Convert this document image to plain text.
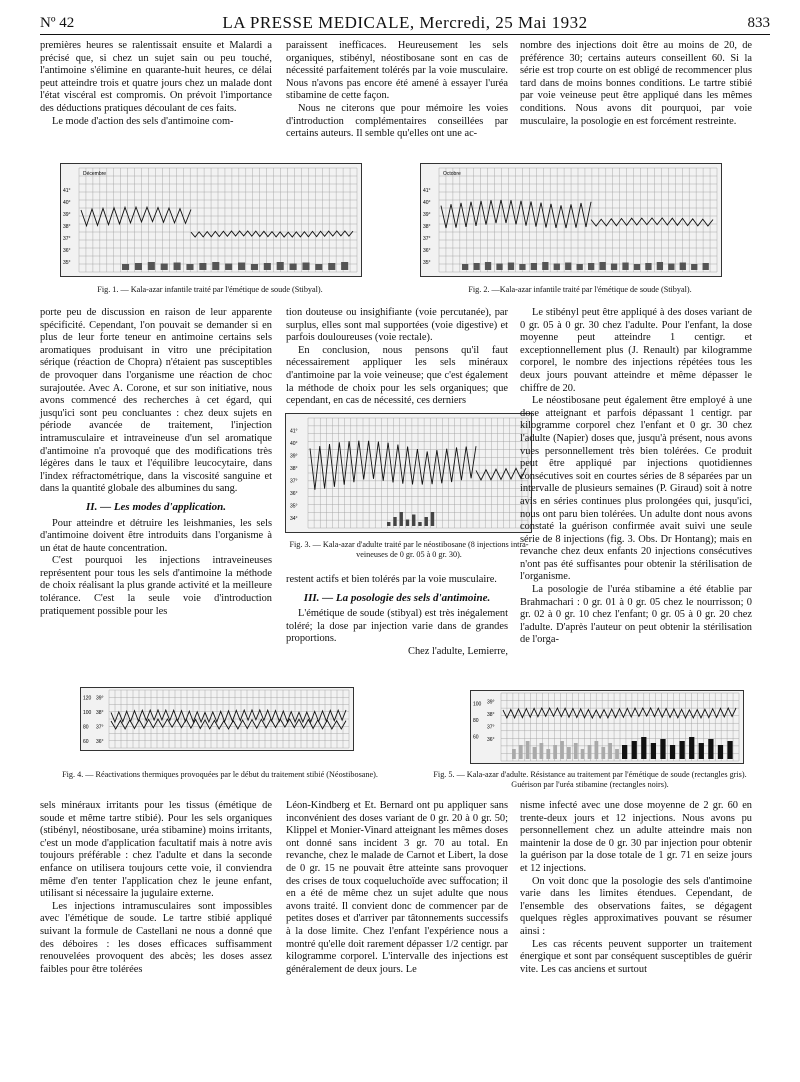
Nº 42	LA PRESSE MEDICALE, Mercredi, 25 Mai 1932	833

premières heures se ralentissait ensuite et Malardi a précisé que, si chez un sujet sain ou peu touché, l'antimoine s'élimine en quarante-huit heures, ce délai peut atteindre trois et quatre jours chez un malade dont l'état viscéral est compromis. On prévoit l'importance des déductions pratiques découlant de ces faits.

Le mode d'action des sels d'antimoine com-

paraissent inefficaces. Heureusement les sels organiques, stibényl, néostibosane sont en cas de nécessité parfaitement tolérés par la voie musculaire. Nous n'avons pas encore été amené à essayer l'uréa stibamine de cette façon.

Nous ne citerons que pour mémoire les voies d'introduction complémentaires conseillées par certains auteurs. Il semble qu'elles ont une ac-

nombre des injections doit être au moins de 20, de préférence 30; certains auteurs conseillent 60. Si la série est trop courte on est obligé de recommencer plus tard dans de moins bonnes conditions. Le tartre stibié par voie veineuse peut être appliqué dans les mêmes conditions. Nous avons dit pourquoi, par voie musculaire, la posologie en est forcément restreinte.

41°
40°
39°
38°
37°
36°
35°
Décembre
Fig. 1. — Kala-azar infantile traité par l'émétique de soude (Stibyal).
41°
40°
39°
38°
37°
36°
35°
Octobre
Fig. 2. —Kala-azar infantile traité par l'émétique de soude (Stibyal).

porte peu de discussion en raison de leur apparente spécificité. Cependant, l'on pouvait se demander si en plus de leur forte teneur en antimoine certains sels aromatiques produisant in vitro une précipitation sérique (réaction de Chopra) n'étaient pas susceptibles de provoquer dans l'organisme une réaction de choc surajoutée. Avec A. Corone, et sur son initiative, nous avons commencé des recherches à cet égard, qui jusqu'ici sont peu concluantes : chez deux sujets en période avancée de traitement, l'injection intramusculaire et intraveineuse d'un sel aromatique d'antimoine n'a provoqué que des modifications très légères dans le taux et l'équilibre leucocytaire, dans l'index réfractométrique, dans la viscosité sanguine et dans la quantité globale des albumines du sang.

II. — Les modes d'application.

Pour atteindre et détruire les leishmanies, les sels d'antimoine doivent être introduits dans l'organisme à un état de haute concentration.

C'est pourquoi les injections intraveineuses représentent pour tous les sels d'antimoine la méthode de choix réalisant la plus grande activité et la meilleure tolérance. C'est la seule voie d'introduction pratiquement possible pour les

tion douteuse ou insighifiante (voie percutanée), par surplus, elles sont mal supportées (voie digestive) et parfois douloureuses (voie rectale).

En conclusion, nous pensons qu'il faut nécessairement appliquer les sels minéraux d'antimoine par la voie veineuse; que c'est également la méthode de choix pour les sels organiques; que cependant, en cas de nécessité, ces derniers

41°
40°
39°
38°
37°
36°
35°
34°
Fig. 3. — Kala-azar d'adulte traité par le néostibosane (8 injections intra-veineuses de 0 gr. 05 à 0 gr. 30).

restent actifs et bien tolérés par la voie musculaire.

III. — La posologie des sels d'antimoine.

L'émétique de soude (stibyal) est très inégalement toléré; la dose par injection varie dans de grandes proportions.

Chez l'adulte, Lemierre,

Le stibényl peut être appliqué à des doses variant de 0 gr. 05 à 0 gr. 30 chez l'adulte. Pour l'enfant, la dose moyenne peut atteindre 1 centigr. et exceptionnellement plus (J. Renault) par kilogramme corporel, le nombre des injections répétées tous les deux jours pouvant atteindre et même dépasser le chiffre de 20.

Le néostibosane peut également être employé à une dose atteignant et parfois dépassant 1 centigr. par kilogramme corporel chez l'enfant et 0 gr. 30 chez l'adulte (Napier) doses que, jusqu'à présent, nous avons vues personnellement très bien tolérées. Ce produit peut être appliqué par injections quotidiennes consécutives soit en courtes séries de 8 séparées par un intervalle de plusieurs semaines (P. Giraud) soit à notre avis en séries continues plus prolongées qui, jusqu'ici, nous ont paru bien tolérées. Un adulte dont nous avons constaté la guérison confirmée avait suivi une seule série de 8 injections (fig. 3. Obs. Dr Hontang); mais en revanche chez deux enfants 20 injections consécutives n'ont pas été suffisantes pour obtenir la stérilisation de l'organisme.

La posologie de l'uréa stibamine a été établie par Brahmachari : 0 gr. 01 à 0 gr. 05 chez le nourrisson; 0 gr. 02 à 0 gr. 10 chez l'enfant; 0 gr. 05 à 0 gr. 20 chez l'adulte. D'après l'auteur on peut obtenir la stérilisation de l'orga-

120
100
80
60
39°
38°
37°
36°
Fig. 4. — Réactivations thermiques provoquées par le début du traitement stibié (Néostibosane).
100
80
60
39°
38°
37°
36°
Fig. 5. — Kala-azar d'adulte. Résistance au traitement par l'émétique de soude (rectangles gris). Guérison par l'uréa stibamine (rectangles noirs).

sels minéraux irritants pour les tissus (émétique de soude et même tartre stibié). Pour les sels organiques (stibényl, néostibosane, uréa stibamine) moins irritants, c'est un mode d'application facultatif mais à notre avis toujours préférable : chez l'adulte et dans la seconde enfance on utilisera toujours cette voie, il conviendra même d'en tenter l'application chez le jeune enfant, utilisant si nécessaire la jugulaire externe.

Les injections intramusculaires sont impossibles avec l'émétique de soude. Le tartre stibié appliqué suivant la formule de Castellani ne nous a donné que des déboires : les doses efficaces suffisamment renouvelées provoquent des abcès; les doses assez faibles pour être tolérées

Léon-Kindberg et Et. Bernard ont pu appliquer sans inconvénient des doses variant de 0 gr. 20 à 0 gr. 50; Klippel et Monier-Vinard atteignant les mêmes doses ont donné sans incident 3 gr. 70 au total. En revanche, chez le malade de Carnot et Libert, la dose de 0 gr. 15 ne pouvait être atteinte sans provoquer des crises de toux coqueluchoïde avec suffocation; il en a été de même chez un sujet adulte que nous avons traité. Il convient donc de commencer par de petites doses et d'arriver par tâtonnements successifs à la dose limite. Chez l'enfant l'expérience nous a montré qu'elle doit rarement dépasser 1/2 centigr. par kilogramme corporel. L'intervalle des injections est généralement de deux jours. Le

nisme infecté avec une dose moyenne de 2 gr. 60 en trente-deux jours et 12 injections. Nous avons pu personnellement chez un adulte atteindre mais non maintenir la dose de 0 gr. 30 par injection pour obtenir la guérison par la dose totale de 1 gr. 71 en seize jours et 12 injections.

On voit donc que la posologie des sels d'antimoine varie dans les limites étendues. Cependant, de l'ensemble des observations faites, se dégagent quelques règles approximatives pouvant se résumer ainsi :

Les cas récents peuvent supporter un traitement énergique et sont par conséquent susceptibles de guérir vite. Les cas anciens et surtout
